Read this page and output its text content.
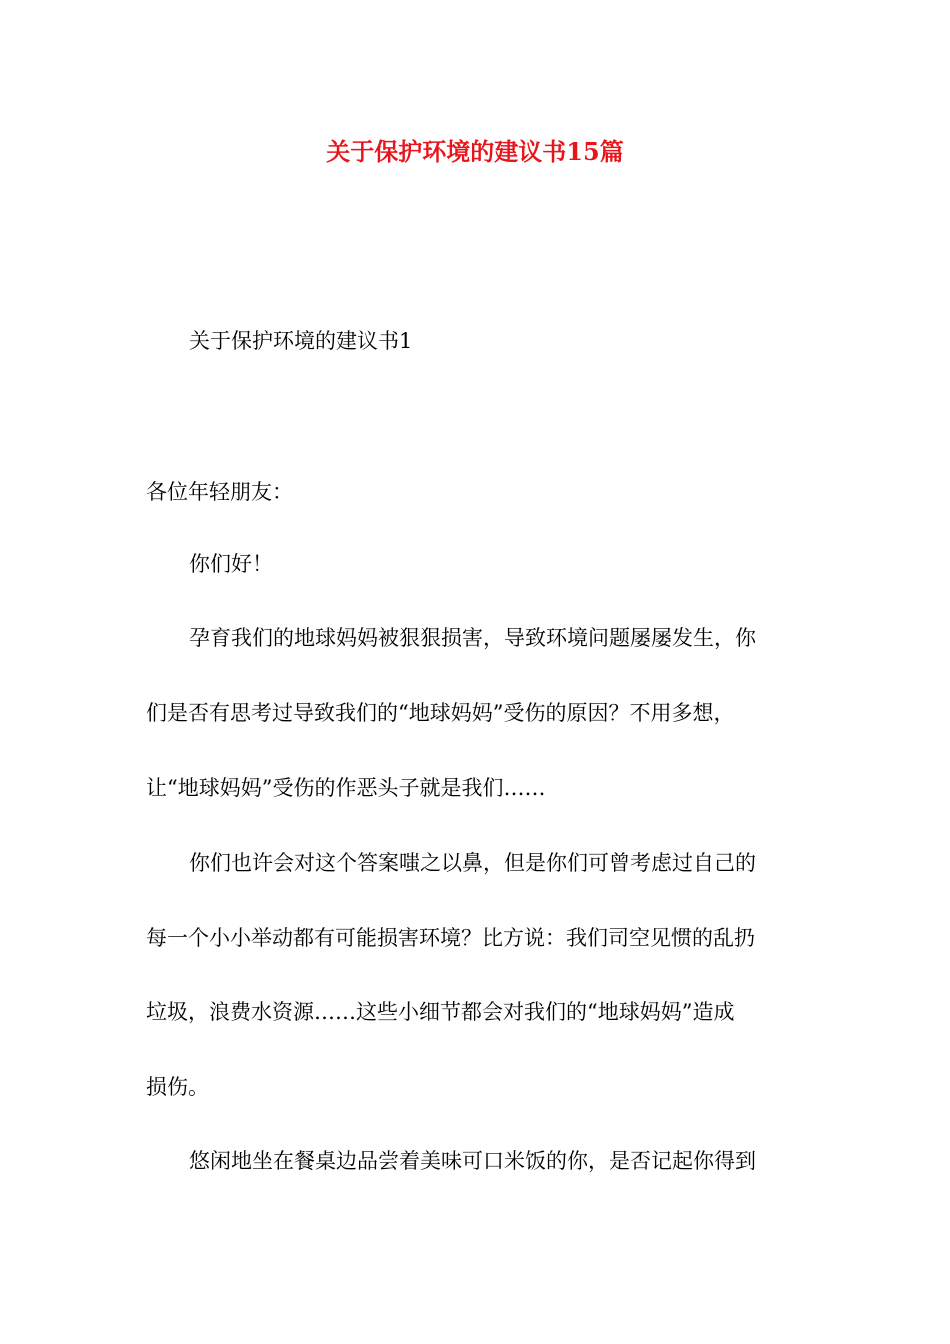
关于保护环境的建议书15篇
关于保护环境的建议书1
各位年轻朋友：
你们好！
孕育我们的地球妈妈被狠狠损害，导致环境问题屡屡发生，你
们是否有思考过导致我们的“地球妈妈”受伤的原因？不用多想，
让“地球妈妈”受伤的作恶头子就是我们……
你们也许会对这个答案嗤之以鼻，但是你们可曾考虑过自己的
每一个小小举动都有可能损害环境？比方说：我们司空见惯的乱扔
垃圾，浪费水资源……这些小细节都会对我们的“地球妈妈”造成
损伤。
悠闲地坐在餐桌边品尝着美味可口米饭的你，是否记起你得到
